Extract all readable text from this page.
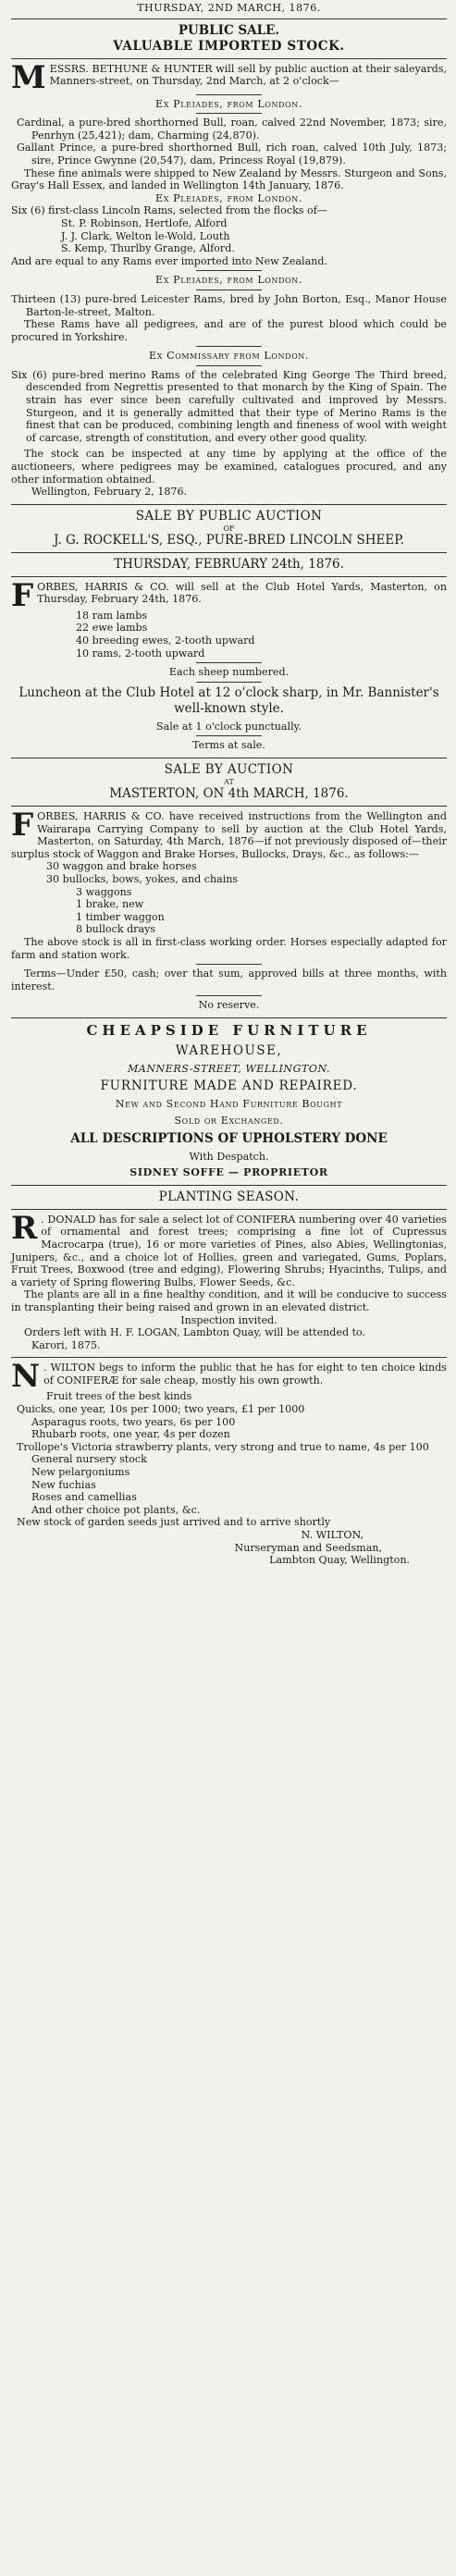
THURSDAY, 2ND MARCH, 1876.

PUBLIC SALE.

VALUABLE IMPORTED STOCK.

M ESSRS. BETHUNE & HUNTER will sell by public auction at their saleyards, Manners-street, on Thursday, 2nd March, at 2 o'clock—

Ex Pleiades, from London.

Cardinal, a pure-bred shorthorned Bull, roan, calved 22nd November, 1873; sire, Penrhyn (25,421); dam, Charming (24,870).

Gallant Prince, a pure-bred shorthorned Bull, rich roan, calved 10th July, 1873; sire, Prince Gwynne (20,547), dam, Princess Royal (19,879).

These fine animals were shipped to New Zealand by Messrs. Sturgeon and Sons, Gray's Hall Essex, and landed in Wellington 14th January, 1876.

Ex Pleiades, from London.

Six (6) first-class Lincoln Rams, selected from the flocks of—

St. P. Robinson, Hertlofe, Alford

J. J. Clark, Welton le-Wold, Louth

S. Kemp, Thurlby Grange, Alford.

And are equal to any Rams ever imported into New Zealand.

Ex Pleiades, from London.

Thirteen (13) pure-bred Leicester Rams, bred by John Borton, Esq., Manor House Barton-le-street, Malton.

These Rams have all pedigrees, and are of the purest blood which could be procured in Yorkshire.

Ex Commissary from London.

Six (6) pure-bred merino Rams of the celebrated King George The Third breed, descended from Negrettis presented to that monarch by the King of Spain. The strain has ever since been carefully cultivated and improved by Messrs. Sturgeon, and it is generally admitted that their type of Merino Rams is the finest that can be produced, combining length and fineness of wool with weight of carcase, strength of constitution, and every other good quality.

The stock can be inspected at any time by applying at the office of the auctioneers, where pedigrees may be examined, catalogues procured, and any other information obtained.

Wellington, February 2, 1876.

SALE BY PUBLIC AUCTION

OF

J. G. ROCKELL'S, ESQ., PURE-BRED LINCOLN SHEEP.

THURSDAY, FEBRUARY 24th, 1876.

F ORBES, HARRIS & CO. will sell at the Club Hotel Yards, Masterton, on Thursday, February 24th, 1876.

18 ram lambs

22 ewe lambs

40 breeding ewes, 2-tooth upward

10 rams, 2-tooth upward

Each sheep numbered.

Luncheon at the Club Hotel at 12 o'clock sharp, in Mr. Bannister's well-known style.

Sale at 1 o'clock punctually.

Terms at sale.

SALE BY AUCTION

AT

MASTERTON, ON 4th MARCH, 1876.

F ORBES, HARRIS & CO. have received instructions from the Wellington and Wairarapa Carrying Company to sell by auction at the Club Hotel Yards, Masterton, on Saturday, 4th March, 1876—if not previously disposed of—their surplus stock of Waggon and Brake Horses, Bullocks, Drays, &c., as follows:—

30 waggon and brake horses

30 bullocks, bows, yokes, and chains

3 waggons

1 brake, new

1 timber waggon

8 bullock drays

The above stock is all in first-class working order. Horses especially adapted for farm and station work.

Terms—Under £50, cash; over that sum, approved bills at three months, with interest.

No reserve.

CHEAPSIDE FURNITURE

WAREHOUSE,

MANNERS-STREET, WELLINGTON.

FURNITURE MADE AND REPAIRED.

New and Second Hand Furniture Bought

Sold or Exchanged.

ALL DESCRIPTIONS OF UPHOLSTERY DONE

With Despatch.

SIDNEY SOFFE — PROPRIETOR

PLANTING SEASON.

R . DONALD has for sale a select lot of CONIFERA numbering over 40 varieties of ornamental and forest trees; comprising a fine lot of Cupressus Macrocarpa (true), 16 or more varieties of Pines, also Abies, Wellingtonias, Junipers, &c., and a choice lot of Hollies, green and variegated, Gums, Poplars, Fruit Trees, Boxwood (tree and edging), Flowering Shrubs; Hyacinths, Tulips, and a variety of Spring flowering Bulbs, Flower Seeds, &c.

The plants are all in a fine healthy condition, and it will be conducive to success in transplanting their being raised and grown in an elevated district.

Inspection invited.

Orders left with H. F. LOGAN, Lambton Quay, will be attended to.

Karori, 1875.

N . WILTON begs to inform the public that he has for eight to ten choice kinds of CONIFERÆ for sale cheap, mostly his own growth.

Fruit trees of the best kinds

Quicks, one year, 10s per 1000; two years, £1 per 1000

Asparagus roots, two years, 6s per 100

Rhubarb roots, one year, 4s per dozen

Trollope's Victoria strawberry plants, very strong and true to name, 4s per 100

General nursery stock

New pelargoniums

New fuchias

Roses and camellias

And other choice pot plants, &c.

New stock of garden seeds just arrived and to arrive shortly

N. WILTON,

Nurseryman and Seedsman,

Lambton Quay, Wellington.
